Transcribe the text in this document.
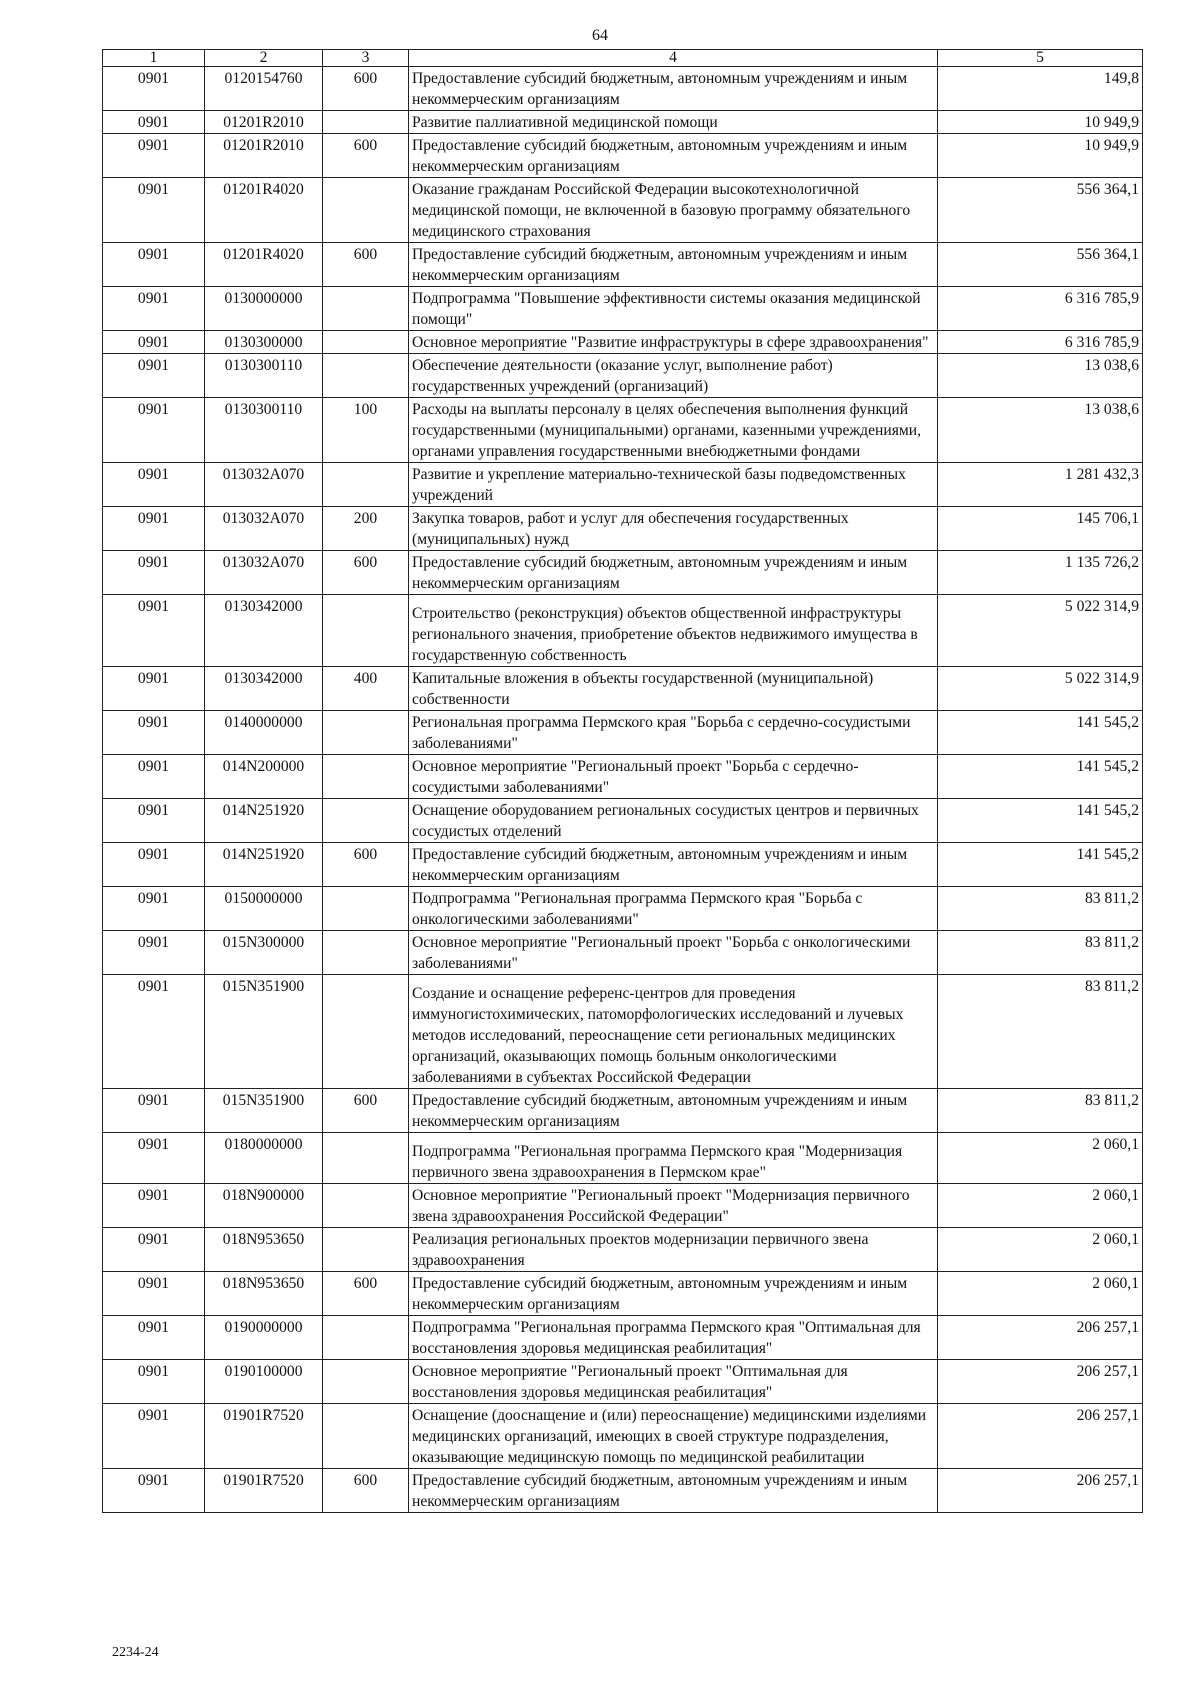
64
1	2	3	4	5
0901	0120154760	600	Предоставление субсидий бюджетным, автономным учреждениям и иным некоммерческим организациям	149,8
0901	01201R2010		Развитие паллиативной медицинской помощи	10 949,9
0901	01201R2010	600	Предоставление субсидий бюджетным, автономным учреждениям и иным некоммерческим организациям	10 949,9
0901	01201R4020		Оказание гражданам Российской Федерации высокотехнологичной медицинской помощи, не включенной в базовую программу обязательного медицинского страхования	556 364,1
0901	01201R4020	600	Предоставление субсидий бюджетным, автономным учреждениям и иным некоммерческим организациям	556 364,1
0901	0130000000		Подпрограмма "Повышение эффективности системы оказания медицинской помощи"	6 316 785,9
0901	0130300000		Основное мероприятие "Развитие инфраструктуры в сфере здравоохранения"	6 316 785,9
0901	0130300110		Обеспечение деятельности (оказание услуг, выполнение работ) государственных учреждений (организаций)	13 038,6
0901	0130300110	100	Расходы на выплаты персоналу в целях обеспечения выполнения функций государственными (муниципальными) органами, казенными учреждениями, органами управления государственными внебюджетными фондами	13 038,6
0901	013032А070		Развитие и укрепление материально-технической базы подведомственных учреждений	1 281 432,3
0901	013032А070	200	Закупка товаров, работ и услуг для обеспечения государственных (муниципальных) нужд	145 706,1
0901	013032А070	600	Предоставление субсидий бюджетным, автономным учреждениям и иным некоммерческим организациям	1 135 726,2
0901	0130342000		Строительство (реконструкция) объектов общественной инфраструктуры регионального значения, приобретение объектов недвижимого имущества в государственную собственность	5 022 314,9
0901	0130342000	400	Капитальные вложения в объекты государственной (муниципальной) собственности	5 022 314,9
0901	0140000000		Региональная программа Пермского края "Борьба с сердечно-сосудистыми заболеваниями"	141 545,2
0901	014N200000		Основное мероприятие "Региональный проект "Борьба с сердечно-сосудистыми заболеваниями"	141 545,2
0901	014N251920		Оснащение оборудованием региональных сосудистых центров и первичных сосудистых отделений	141 545,2
0901	014N251920	600	Предоставление субсидий бюджетным, автономным учреждениям и иным некоммерческим организациям	141 545,2
0901	0150000000		Подпрограмма "Региональная программа Пермского края "Борьба с онкологическими заболеваниями"	83 811,2
0901	015N300000		Основное мероприятие "Региональный проект "Борьба с онкологическими заболеваниями"	83 811,2
0901	015N351900		Создание и оснащение референс-центров для проведения иммуногистохимических, патоморфологических исследований и лучевых методов исследований, переоснащение сети региональных медицинских организаций, оказывающих помощь больным онкологическими заболеваниями в субъектах Российской Федерации	83 811,2
0901	015N351900	600	Предоставление субсидий бюджетным, автономным учреждениям и иным некоммерческим организациям	83 811,2
0901	0180000000		Подпрограмма "Региональная программа Пермского края "Модернизация первичного звена здравоохранения в Пермском крае"	2 060,1
0901	018N900000		Основное мероприятие "Региональный проект "Модернизация первичного звена здравоохранения Российской Федерации"	2 060,1
0901	018N953650		Реализация региональных проектов модернизации первичного звена здравоохранения	2 060,1
0901	018N953650	600	Предоставление субсидий бюджетным, автономным учреждениям и иным некоммерческим организациям	2 060,1
0901	0190000000		Подпрограмма "Региональная программа Пермского края "Оптимальная для восстановления здоровья медицинская реабилитация"	206 257,1
0901	0190100000		Основное мероприятие "Региональный проект "Оптимальная для восстановления здоровья медицинская реабилитация"	206 257,1
0901	01901R7520		Оснащение (дооснащение и (или) переоснащение) медицинскими изделиями медицинских организаций, имеющих в своей структуре подразделения, оказывающие медицинскую помощь по медицинской реабилитации	206 257,1
0901	01901R7520	600	Предоставление субсидий бюджетным, автономным учреждениям и иным некоммерческим организациям	206 257,1
2234-24
